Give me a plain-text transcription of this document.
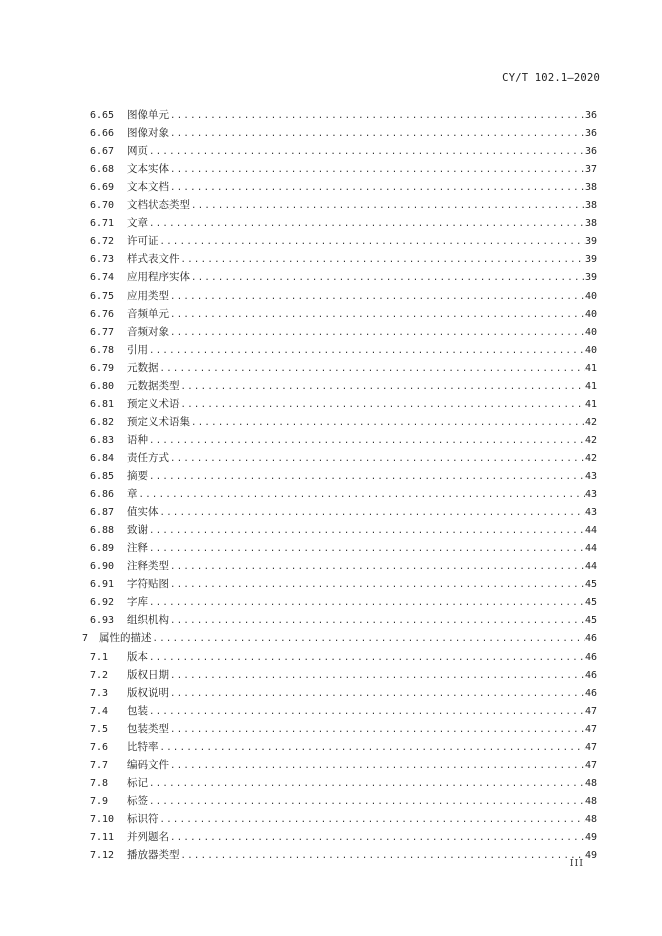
CY/T 102.1—2020
6.65	图像单元 .....	36
6.66	图像对象 .....	36
6.67	网页 .....	36
6.68	文本实体 .....	37
6.69	文本文档 .....	38
6.70	文档状态类型 .....	38
6.71	文章 .....	38
6.72	许可证 .....	39
6.73	样式表文件 .....	39
6.74	应用程序实体 .....	39
6.75	应用类型 .....	40
6.76	音频单元 .....	40
6.77	音频对象 .....	40
6.78	引用 .....	40
6.79	元数据 .....	41
6.80	元数据类型 .....	41
6.81	预定义术语 .....	41
6.82	预定义术语集 .....	42
6.83	语种 .....	42
6.84	责任方式 .....	42
6.85	摘要 .....	43
6.86	章 .....	43
6.87	值实体 .....	43
6.88	致谢 .....	44
6.89	注释 .....	44
6.90	注释类型 .....	44
6.91	字符贴图 .....	45
6.92	字库 .....	45
6.93	组织机构 .....	45
7	属性的描述 .....	46
7.1	版本 .....	46
7.2	版权日期 .....	46
7.3	版权说明 .....	46
7.4	包装 .....	47
7.5	包装类型 .....	47
7.6	比特率 .....	47
7.7	编码文件 .....	47
7.8	标记 .....	48
7.9	标签 .....	48
7.10	标识符 .....	48
7.11	并列题名 .....	49
7.12	播放器类型 .....	49
III
